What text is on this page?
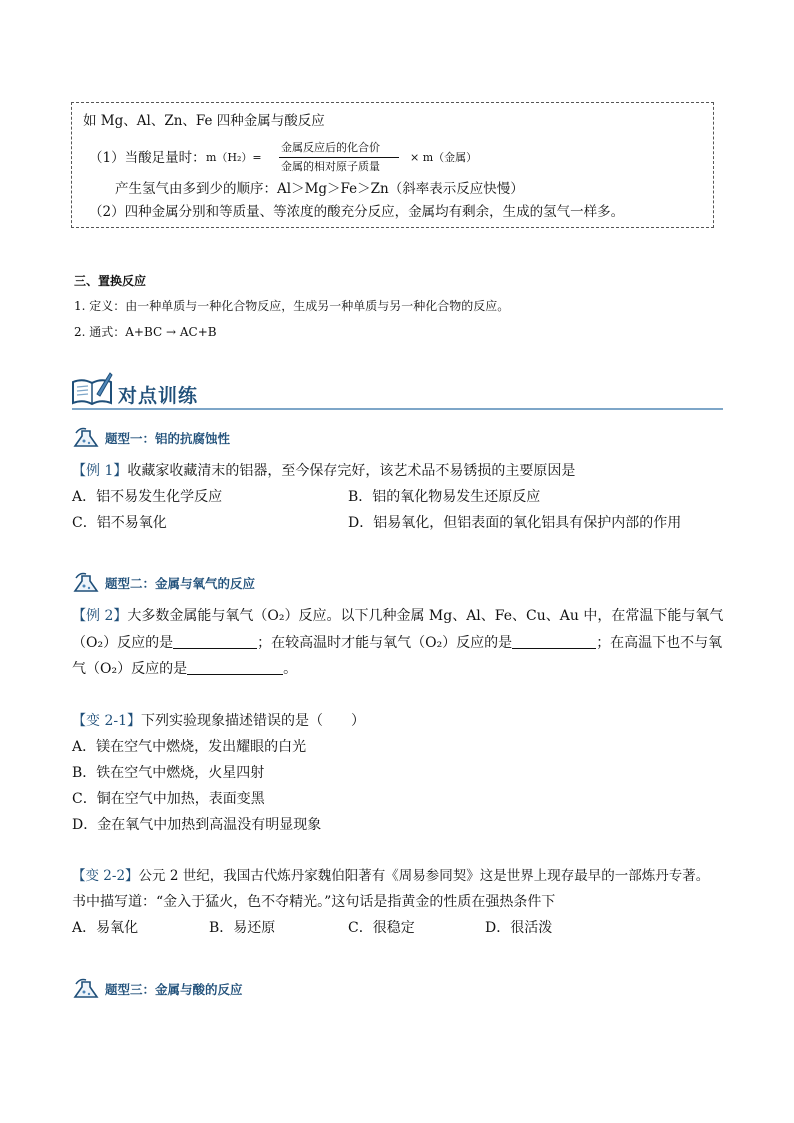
如 Mg、Al、Zn、Fe 四种金属与酸反应
（1）当酸足量时： m（H₂）=
金属反应后的化合价
金属的相对原子质量
× m（金属）
产生氢气由多到少的顺序：Al＞Mg＞Fe＞Zn（斜率表示反应快慢）
（2）四种金属分别和等质量、等浓度的酸充分反应，金属均有剩余，生成的氢气一样多。
三、置换反应
1. 定义：由一种单质与一种化合物反应，生成另一种单质与另一种化合物的反应。
2. 通式：A+BC → AC+B
对点训练
题型一：铝的抗腐蚀性
【例 1】收藏家收藏清末的铝器，至今保存完好，该艺术品不易锈损的主要原因是
A．铝不易发生化学反应	B．铝的氧化物易发生还原反应
C．铝不易氧化	D．铝易氧化，但铝表面的氧化铝具有保护内部的作用
题型二：金属与氧气的反应
【例 2】大多数金属能与氧气（O₂）反应。以下几种金属 Mg、Al、Fe、Cu、Au 中，在常温下能与氧气
（O₂）反应的是	；在较高温时才能与氧气（O₂）反应的是	；在高温下也不与氧
气（O₂）反应的是	。
【变 2-1】下列实验现象描述错误的是（　　）
A．镁在空气中燃烧，发出耀眼的白光
B．铁在空气中燃烧，火星四射
C．铜在空气中加热，表面变黑
D．金在氧气中加热到高温没有明显现象
【变 2-2】公元 2 世纪，我国古代炼丹家魏伯阳著有《周易参同契》这是世界上现存最早的一部炼丹专著。
书中描写道：“金入于猛火，色不夺精光。”这句话是指黄金的性质在强热条件下
A．易氧化	B．易还原	C．很稳定	D．很活泼
题型三：金属与酸的反应
